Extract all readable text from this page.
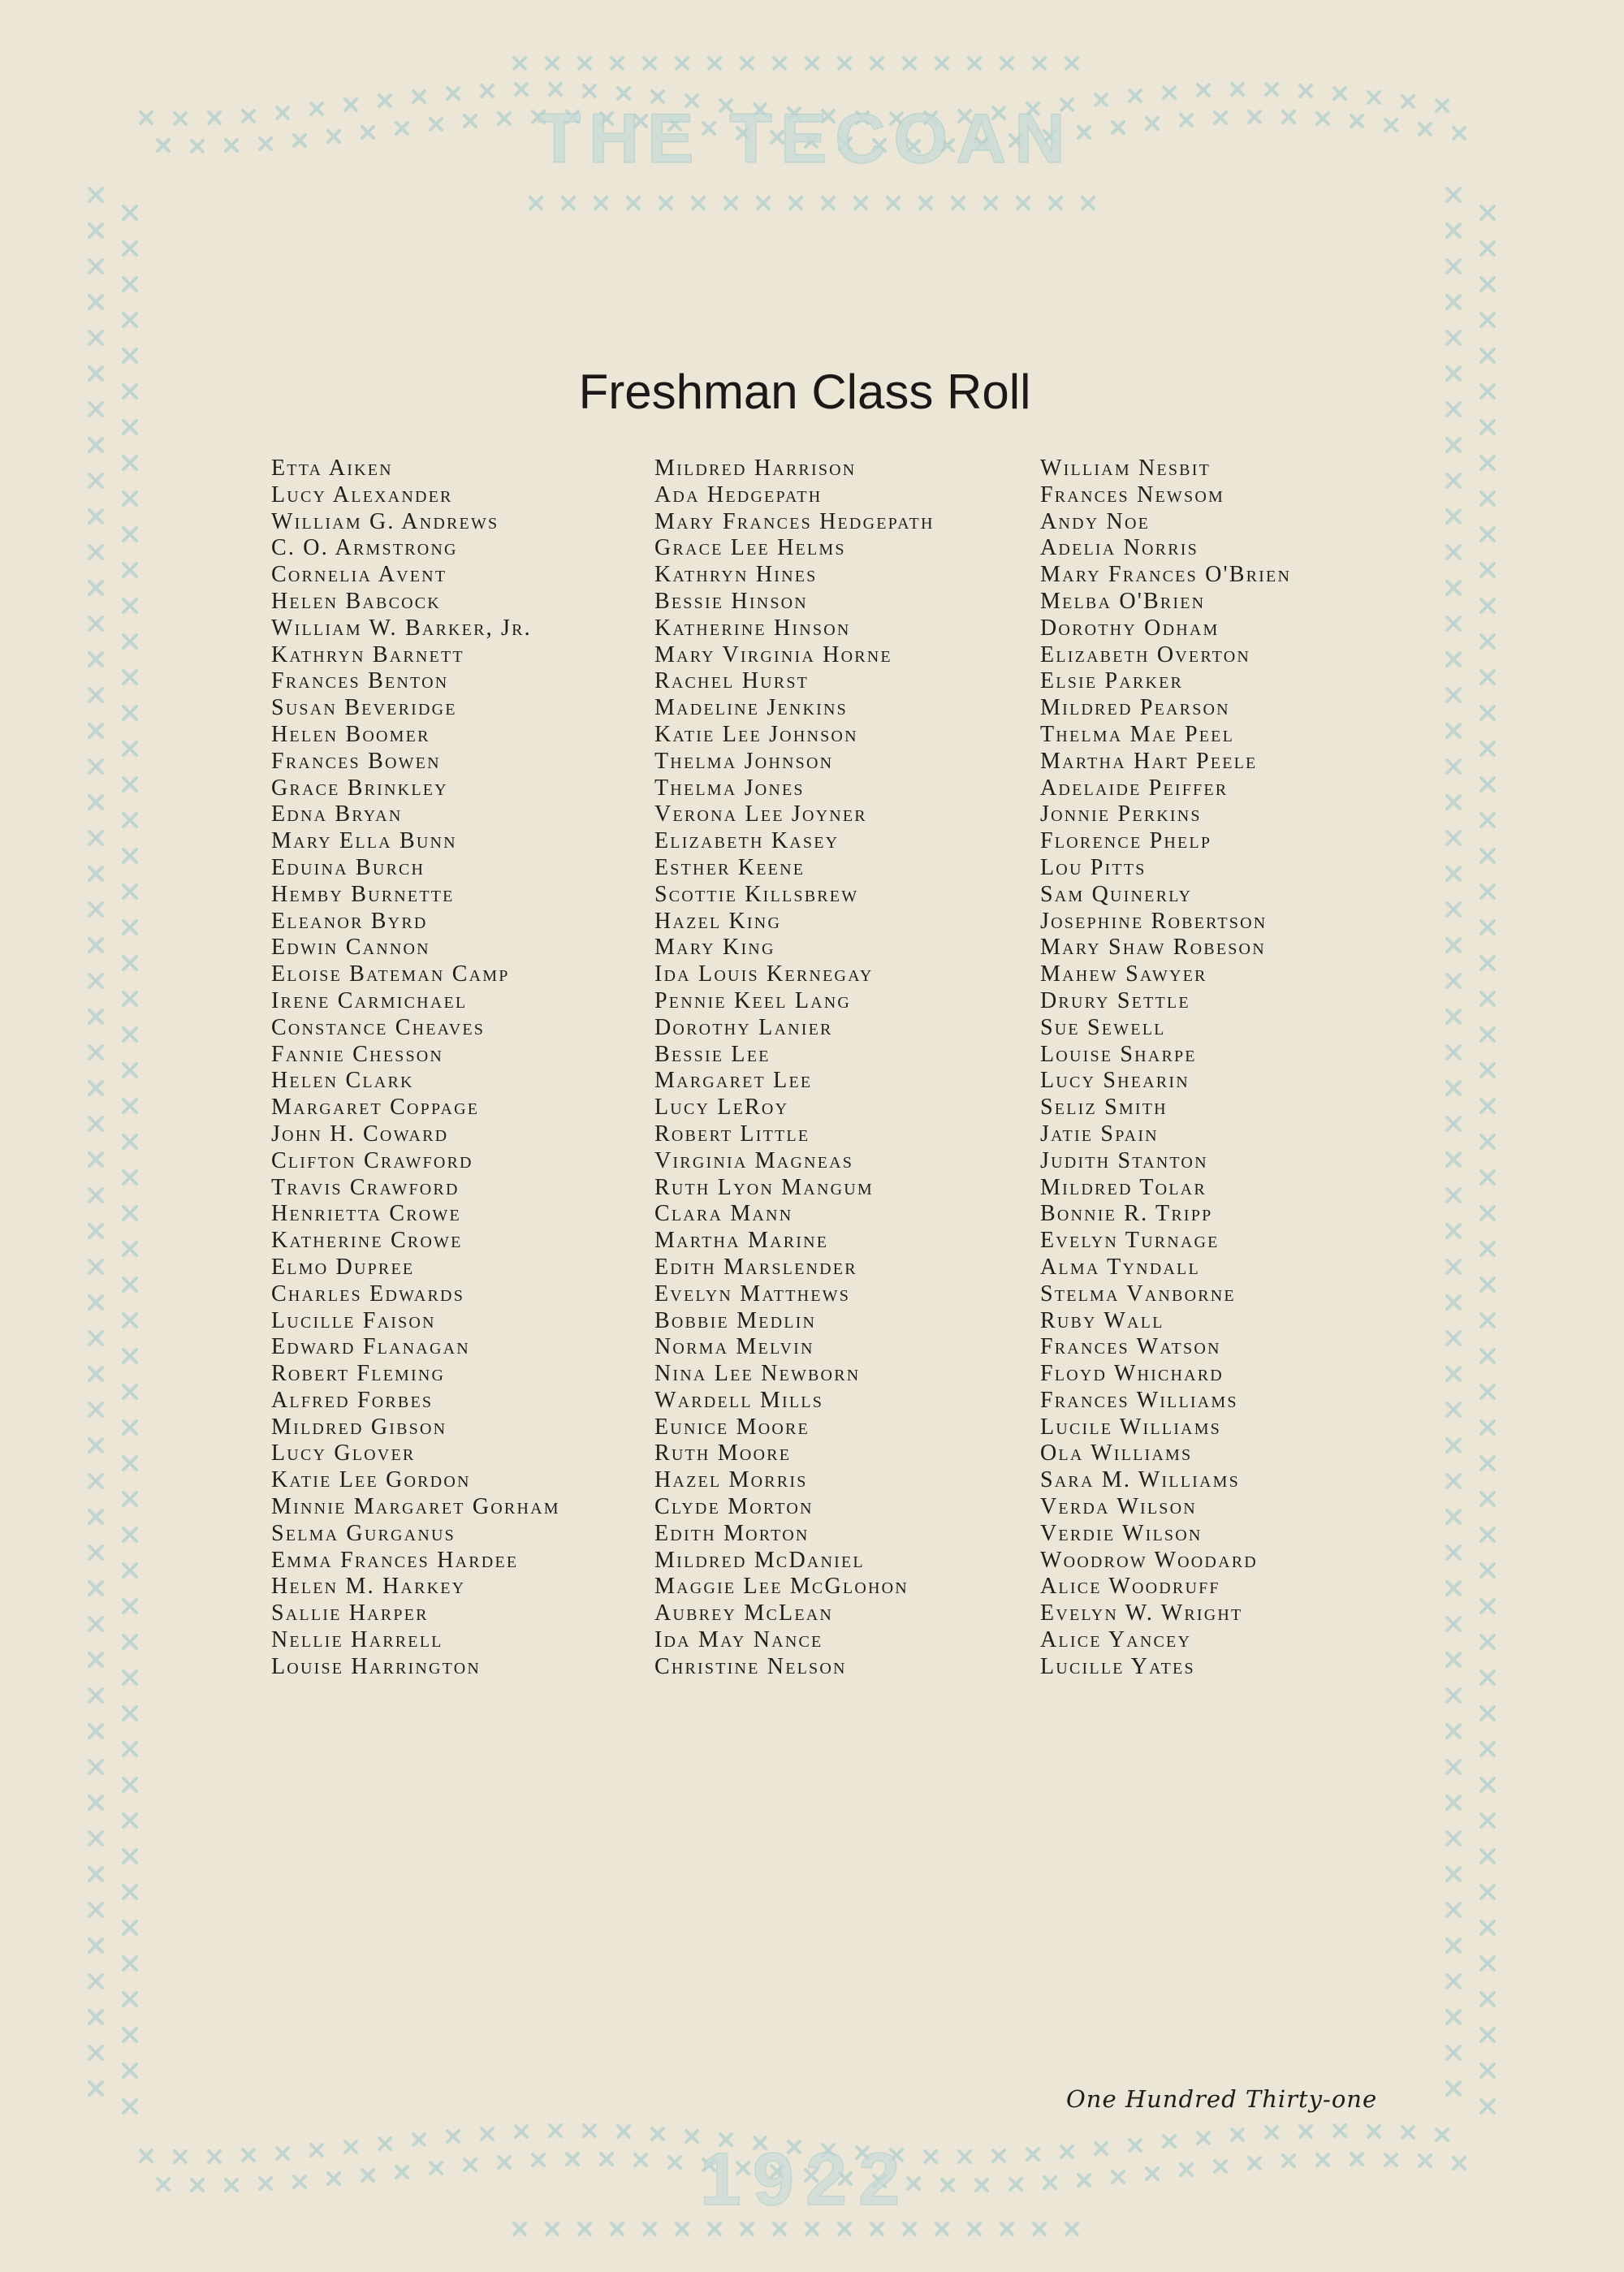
THE TECOAN
1922
Freshman Class Roll
Etta Aiken
Lucy Alexander
William G. Andrews
C. O. Armstrong
Cornelia Avent
Helen Babcock
William W. Barker, Jr.
Kathryn Barnett
Frances Benton
Susan Beveridge
Helen Boomer
Frances Bowen
Grace Brinkley
Edna Bryan
Mary Ella Bunn
Eduina Burch
Hemby Burnette
Eleanor Byrd
Edwin Cannon
Eloise Bateman Camp
Irene Carmichael
Constance Cheaves
Fannie Chesson
Helen Clark
Margaret Coppage
John H. Coward
Clifton Crawford
Travis Crawford
Henrietta Crowe
Katherine Crowe
Elmo Dupree
Charles Edwards
Lucille Faison
Edward Flanagan
Robert Fleming
Alfred Forbes
Mildred Gibson
Lucy Glover
Katie Lee Gordon
Minnie Margaret Gorham
Selma Gurganus
Emma Frances Hardee
Helen M. Harkey
Sallie Harper
Nellie Harrell
Louise Harrington
Mildred Harrison
Ada Hedgepath
Mary Frances Hedgepath
Grace Lee Helms
Kathryn Hines
Bessie Hinson
Katherine Hinson
Mary Virginia Horne
Rachel Hurst
Madeline Jenkins
Katie Lee Johnson
Thelma Johnson
Thelma Jones
Verona Lee Joyner
Elizabeth Kasey
Esther Keene
Scottie Killsbrew
Hazel King
Mary King
Ida Louis Kernegay
Pennie Keel Lang
Dorothy Lanier
Bessie Lee
Margaret Lee
Lucy LeRoy
Robert Little
Virginia Magneas
Ruth Lyon Mangum
Clara Mann
Martha Marine
Edith Marslender
Evelyn Matthews
Bobbie Medlin
Norma Melvin
Nina Lee Newborn
Wardell Mills
Eunice Moore
Ruth Moore
Hazel Morris
Clyde Morton
Edith Morton
Mildred McDaniel
Maggie Lee McGlohon
Aubrey McLean
Ida May Nance
Christine Nelson
William Nesbit
Frances Newsom
Andy Noe
Adelia Norris
Mary Frances O'Brien
Melba O'Brien
Dorothy Odham
Elizabeth Overton
Elsie Parker
Mildred Pearson
Thelma Mae Peel
Martha Hart Peele
Adelaide Peiffer
Jonnie Perkins
Florence Phelp
Lou Pitts
Sam Quinerly
Josephine Robertson
Mary Shaw Robeson
Mahew Sawyer
Drury Settle
Sue Sewell
Louise Sharpe
Lucy Shearin
Seliz Smith
Jatie Spain
Judith Stanton
Mildred Tolar
Bonnie R. Tripp
Evelyn Turnage
Alma Tyndall
Stelma Vanborne
Ruby Wall
Frances Watson
Floyd Whichard
Frances Williams
Lucile Williams
Ola Williams
Sara M. Williams
Verda Wilson
Verdie Wilson
Woodrow Woodard
Alice Woodruff
Evelyn W. Wright
Alice Yancey
Lucille Yates
One Hundred Thirty-one
